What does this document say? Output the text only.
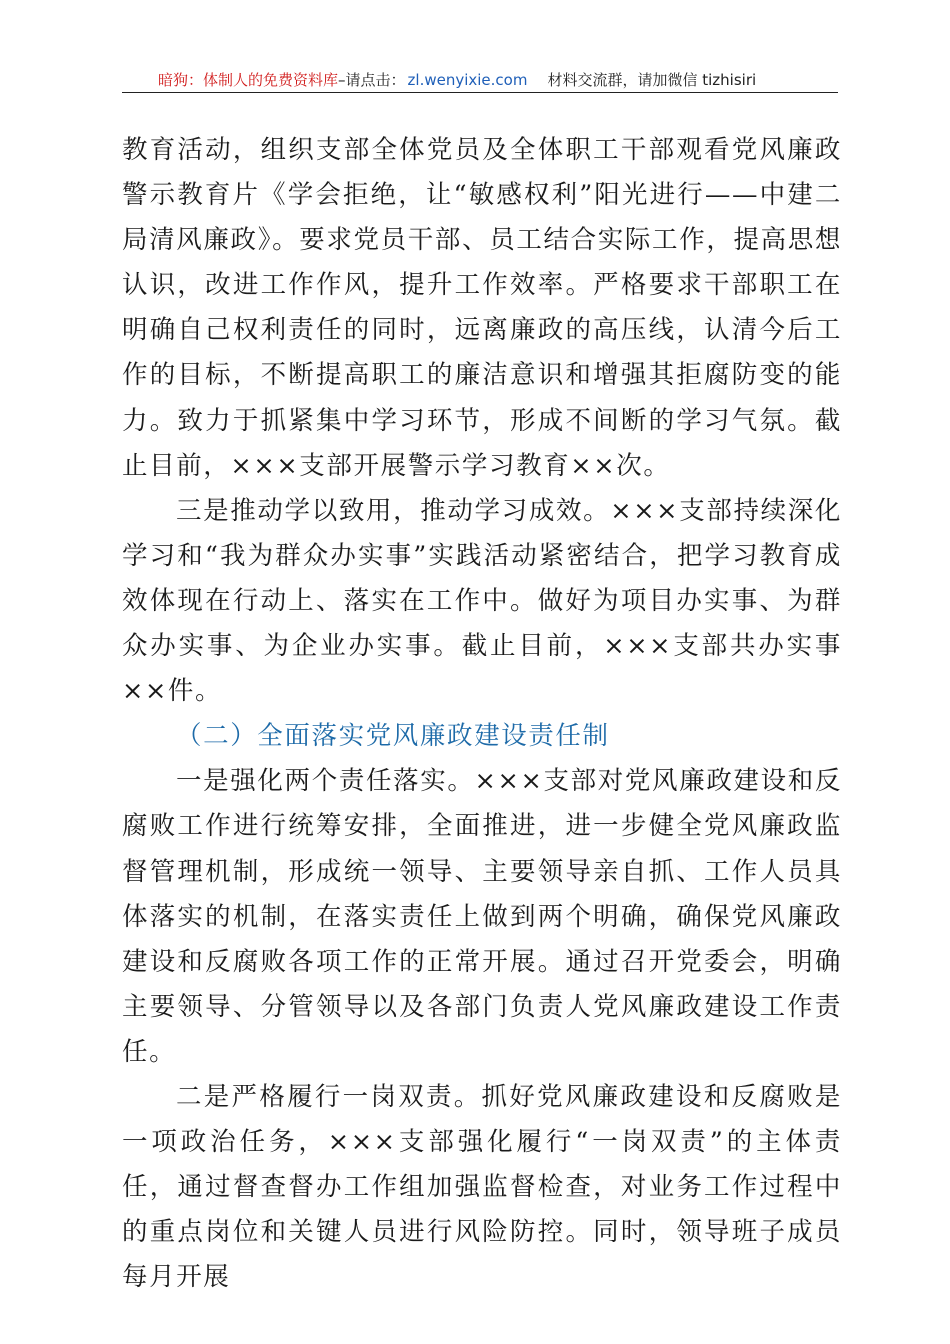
暗狗：体制人的免费资料库–请点击： zl.wenyixie.com 材料交流群，请加微信 tizhisiri

教育活动，组织支部全体党员及全体职工干部观看党风廉政警示教育片《学会拒绝，让“敏感权利”阳光进行——中建二局清风廉政》。要求党员干部、员工结合实际工作，提高思想认识，改进工作作风，提升工作效率。严格要求干部职工在明确自己权利责任的同时，远离廉政的高压线，认清今后工作的目标，不断提高职工的廉洁意识和增强其拒腐防变的能力。致力于抓紧集中学习环节，形成不间断的学习气氛。截止目前，×××支部开展警示学习教育××次。

三是推动学以致用，推动学习成效。×××支部持续深化学习和“我为群众办实事”实践活动紧密结合，把学习教育成效体现在行动上、落实在工作中。做好为项目办实事、为群众办实事、为企业办实事。截止目前，×××支部共办实事××件。

（二）全面落实党风廉政建设责任制

一是强化两个责任落实。×××支部对党风廉政建设和反腐败工作进行统筹安排，全面推进，进一步健全党风廉政监督管理机制，形成统一领导、主要领导亲自抓、工作人员具体落实的机制，在落实责任上做到两个明确，确保党风廉政建设和反腐败各项工作的正常开展。通过召开党委会，明确主要领导、分管领导以及各部门负责人党风廉政建设工作责任。

二是严格履行一岗双责。抓好党风廉政建设和反腐败是一项政治任务，×××支部强化履行“一岗双责”的主体责任，通过督查督办工作组加强监督检查，对业务工作过程中的重点岗位和关键人员进行风险防控。同时，领导班子成员每月开展
